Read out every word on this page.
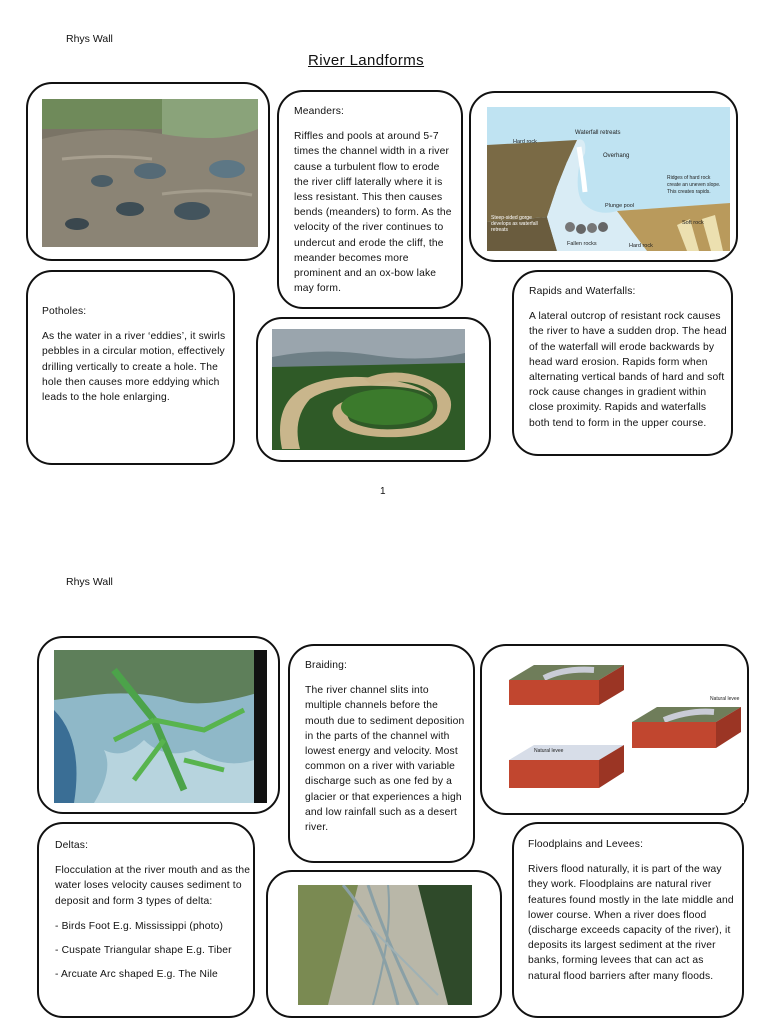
Rhys Wall
River Landforms
Meanders:
Riffles and pools at around 5-7 times the channel width in a river cause a turbulent flow to erode the river cliff laterally where it is less resistant. This then causes bends (meanders) to form. As the velocity of the river continues to undercut and erode the cliff, the meander becomes more prominent and an ox-bow lake may form.
Waterfall retreats
Hard rock
Overhang
Ridges of hard rock
create an uneven slope.
This creates rapids.
Plunge pool
Steep-sided gorge
develops as waterfall
retreats
Soft rock
Fallen rocks	Hard rock
Potholes:
As the water in a river ‘eddies’, it swirls pebbles in a circular motion, effectively drilling vertically to create a hole. The hole then causes more eddying which leads to the hole enlarging.
Rapids and Waterfalls:
A lateral outcrop of resistant rock causes the river to have a sudden drop. The head of the waterfall will erode backwards by head ward erosion. Rapids form when alternating vertical bands of hard and soft rock cause changes in gradient within close proximity. Rapids and waterfalls both tend to form in the upper course.
1
Rhys Wall
Braiding:
The river channel slits into multiple channels before the mouth due to sediment deposition in the parts of the channel with lowest energy and velocity. Most common on a river with variable discharge such as one fed by a glacier or that experiences a high and low rainfall such as a desert river.
Natural levee
Natural levee
Deltas:

Flocculation at the river mouth and as the water loses velocity causes sediment to deposit and form 3 types of delta:

- Birds Foot E.g. Mississippi (photo)
- Cuspate Triangular shape E.g. Tiber
- Arcuate Arc shaped E.g. The Nile
Floodplains and Levees:
Rivers flood naturally, it is part of the way they work. Floodplains are natural river features found mostly in the late middle and lower course. When a river does flood (discharge exceeds capacity of the river), it deposits its largest sediment at the river banks, forming levees that can act as natural flood barriers after many floods.
